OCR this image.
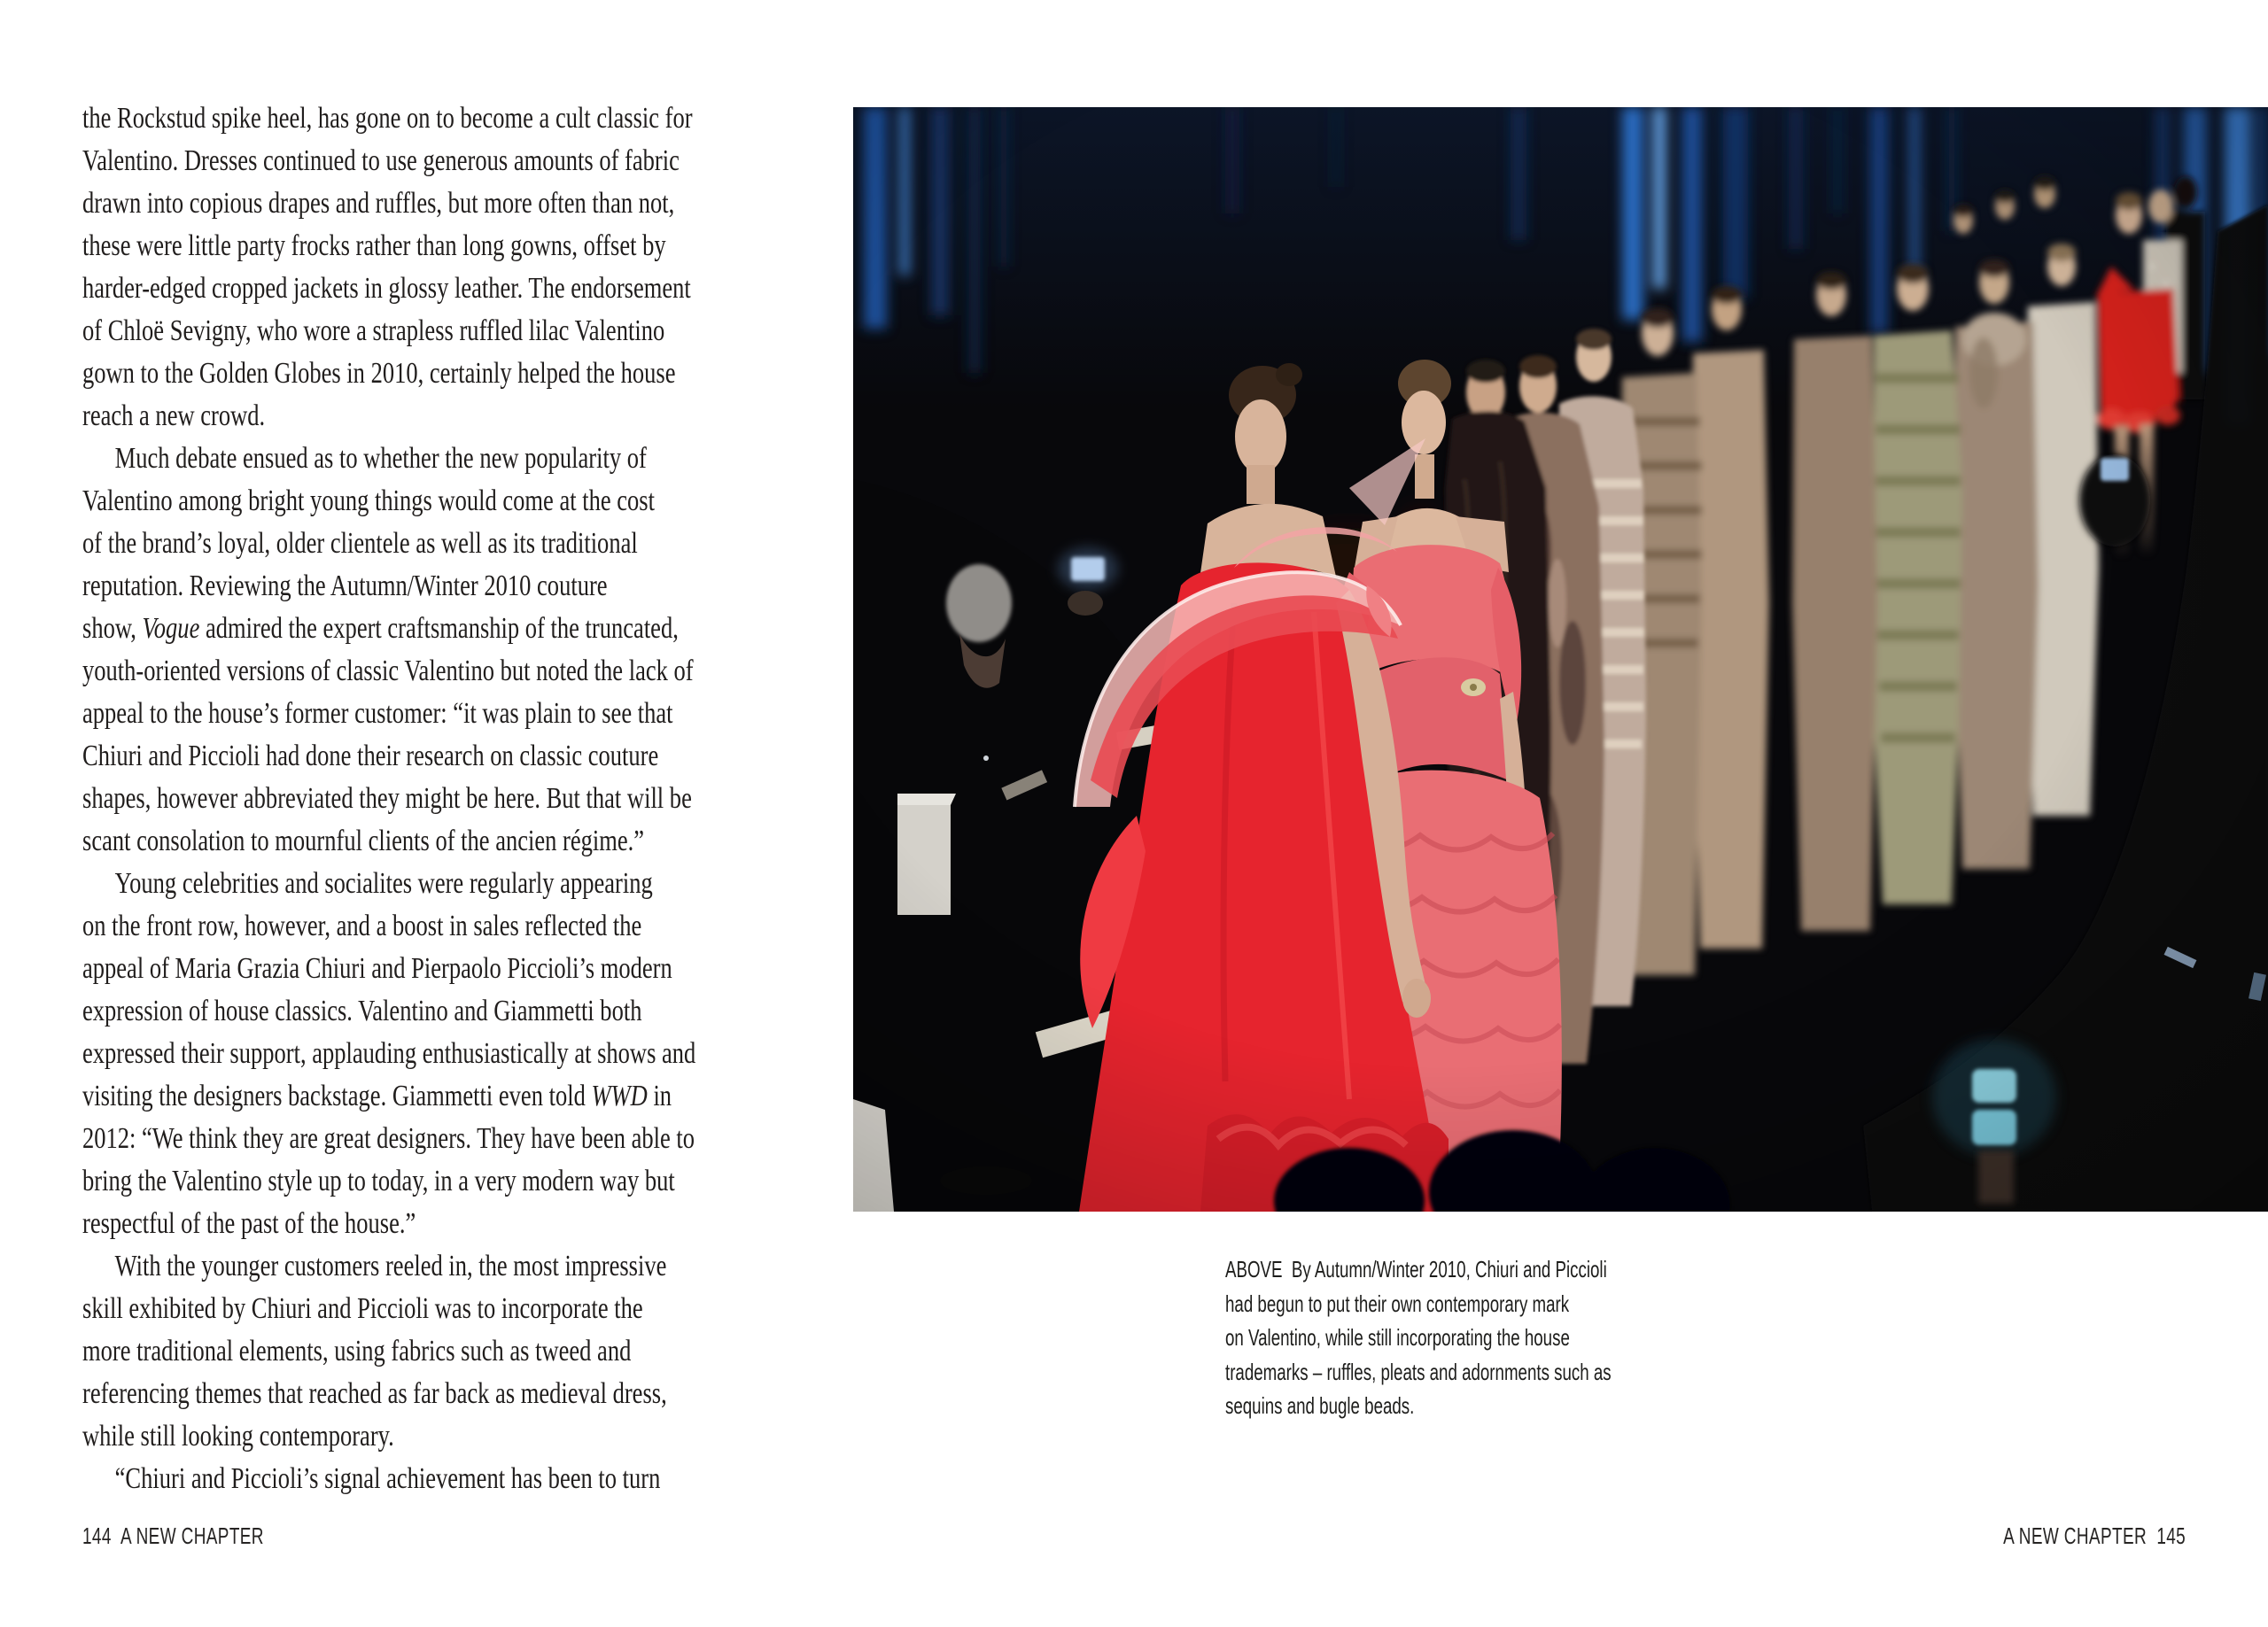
the Rockstud spike heel, has gone on to become a cult classic for
Valentino. Dresses continued to use generous amounts of fabric
drawn into copious drapes and ruffles, but more often than not,
these were little party frocks rather than long gowns, offset by
harder-edged cropped jackets in glossy leather. The endorsement
of Chloë Sevigny, who wore a strapless ruffled lilac Valentino
gown to the Golden Globes in 2010, certainly helped the house
reach a new crowd.
Much debate ensued as to whether the new popularity of
Valentino among bright young things would come at the cost
of the brand’s loyal, older clientele as well as its traditional
reputation. Reviewing the Autumn/Winter 2010 couture
show, Vogue admired the expert craftsmanship of the truncated,
youth-oriented versions of classic Valentino but noted the lack of
appeal to the house’s former customer: “it was plain to see that
Chiuri and Piccioli had done their research on classic couture
shapes, however abbreviated they might be here. But that will be
scant consolation to mournful clients of the ancien régime.”
Young celebrities and socialites were regularly appearing
on the front row, however, and a boost in sales reflected the
appeal of Maria Grazia Chiuri and Pierpaolo Piccioli’s modern
expression of house classics. Valentino and Giammetti both
expressed their support, applauding enthusiastically at shows and
visiting the designers backstage. Giammetti even told WWD in
2012: “We think they are great designers. They have been able to
bring the Valentino style up to today, in a very modern way but
respectful of the past of the house.”
With the younger customers reeled in, the most impressive
skill exhibited by Chiuri and Piccioli was to incorporate the
more traditional elements, using fabrics such as tweed and
referencing themes that reached as far back as medieval dress,
while still looking contemporary.
“Chiuri and Piccioli’s signal achievement has been to turn
144  A NEW CHAPTER
ABOVE  By Autumn/Winter 2010, Chiuri and Piccioli
had begun to put their own contemporary mark
on Valentino, while still incorporating the house
trademarks – ruffles, pleats and adornments such as
sequins and bugle beads.
A NEW CHAPTER  145
